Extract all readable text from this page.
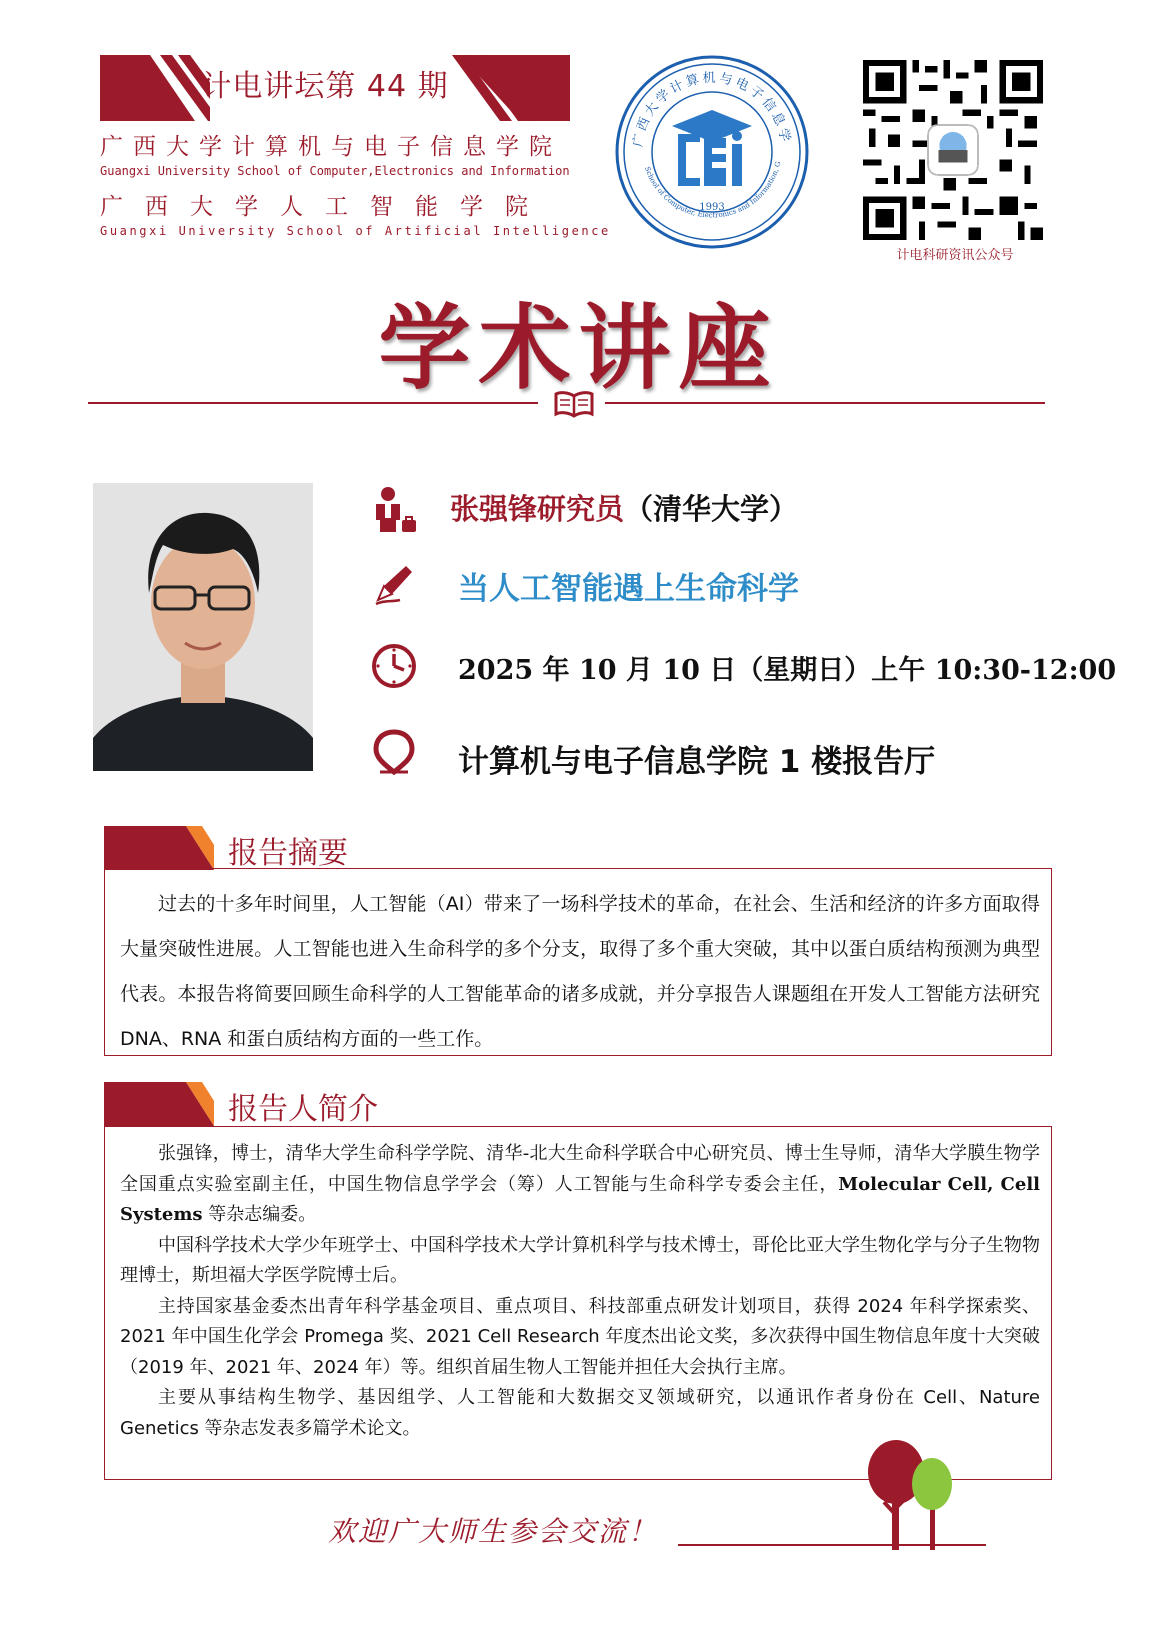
计电讲坛第 44 期
广西大学计算机与电子信息学院
Guangxi University School of Computer,Electronics and Information
广西大学人工智能学院
Guangxi University School of Artificial Intelligence
广西大学计算机与电子信息学
School of Computer, Electronics and Information, G
1993
计电科研资讯公众号
学术讲座
张强锋研究员（清华大学）
当人工智能遇上生命科学
2025 年 10 月 10 日（星期日）上午 10:30-12:00
计算机与电子信息学院 1 楼报告厅
报告摘要
过去的十多年时间里，人工智能（AI）带来了一场科学技术的革命，在社会、生活和经济的许多方面取得大量突破性进展。人工智能也进入生命科学的多个分支，取得了多个重大突破，其中以蛋白质结构预测为典型代表。本报告将简要回顾生命科学的人工智能革命的诸多成就，并分享报告人课题组在开发人工智能方法研究 DNA、RNA 和蛋白质结构方面的一些工作。
报告人简介

张强锋，博士，清华大学生命科学学院、清华-北大生命科学联合中心研究员、博士生导师，清华大学膜生物学全国重点实验室副主任，中国生物信息学学会（筹）人工智能与生命科学专委会主任，Molecular Cell, Cell Systems 等杂志编委。

中国科学技术大学少年班学士、中国科学技术大学计算机科学与技术博士，哥伦比亚大学生物化学与分子生物物理博士，斯坦福大学医学院博士后。

主持国家基金委杰出青年科学基金项目、重点项目、科技部重点研发计划项目，获得 2024 年科学探索奖、2021 年中国生化学会 Promega 奖、2021 Cell Research 年度杰出论文奖，多次获得中国生物信息年度十大突破（2019 年、2021 年、2024 年）等。组织首届生物人工智能并担任大会执行主席。

主要从事结构生物学、基因组学、人工智能和大数据交叉领域研究，以通讯作者身份在 Cell、Nature Genetics 等杂志发表多篇学术论文。

欢迎广大师生参会交流！
